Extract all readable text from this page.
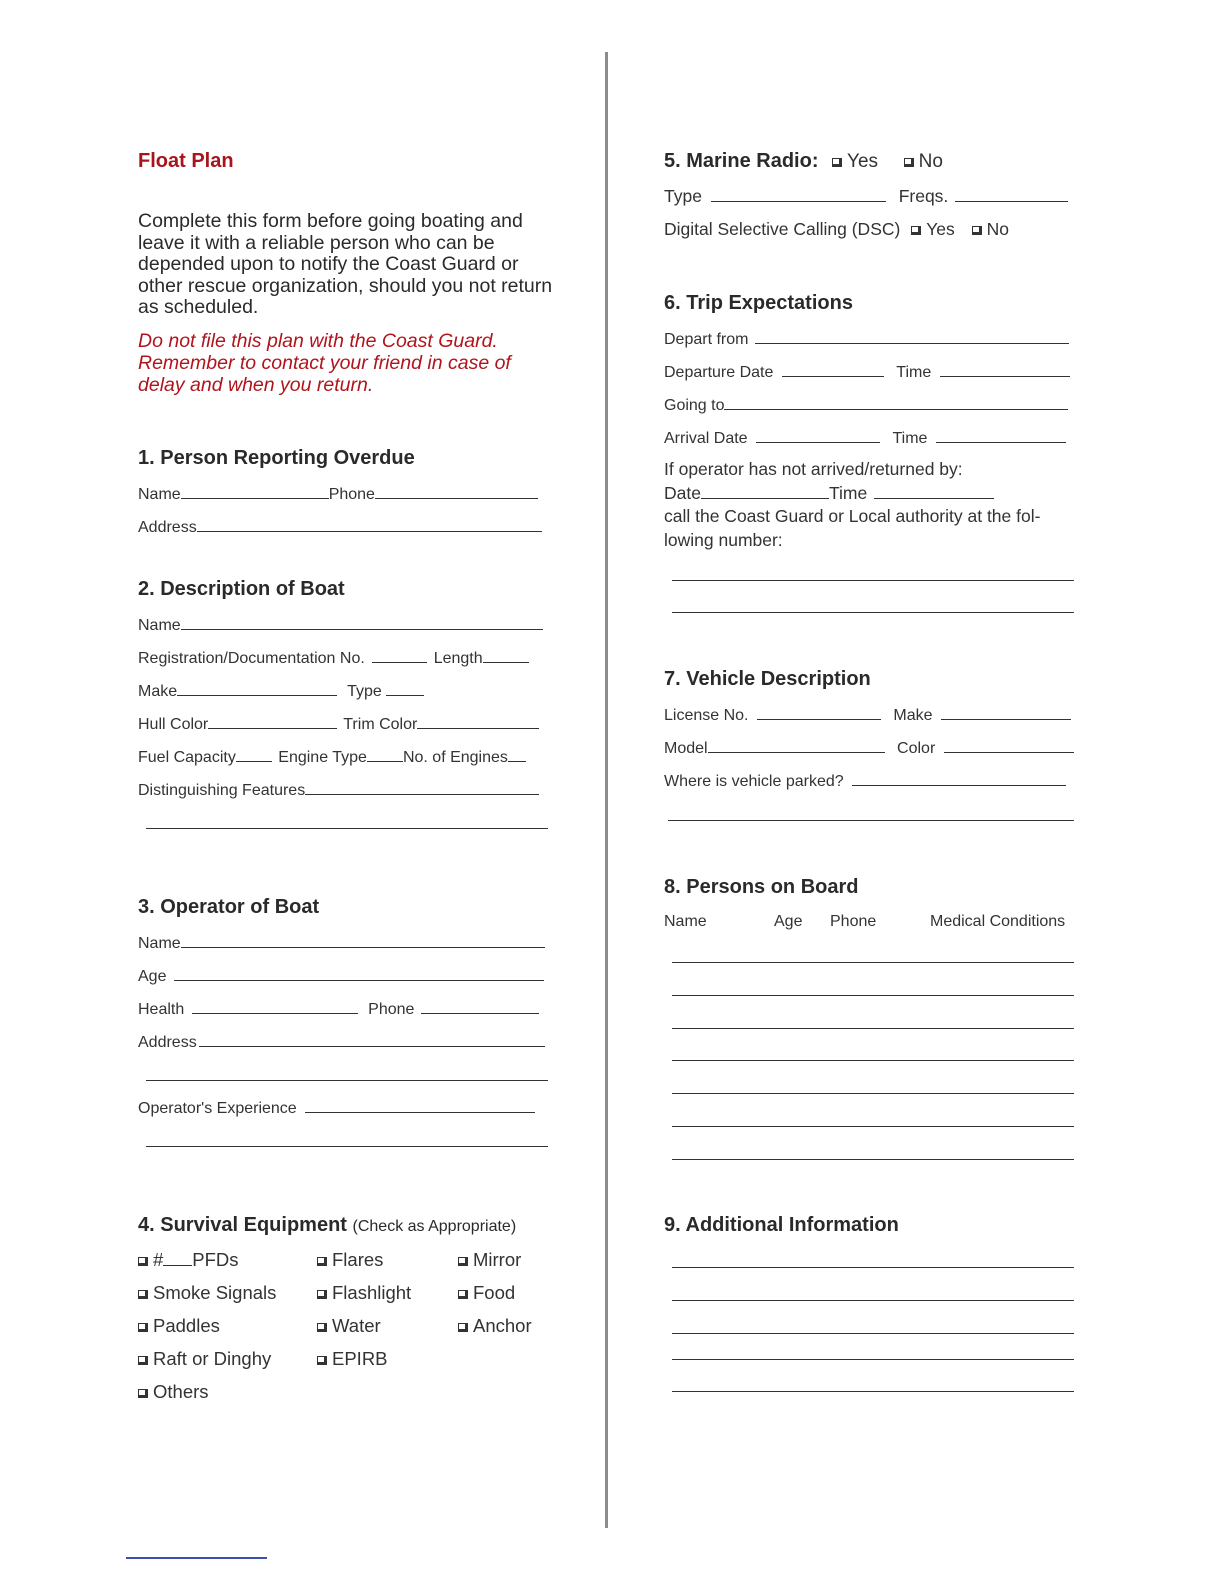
Float Plan
Complete this form before going boating and leave it with a reliable person who can be depended upon to notify the Coast Guard or other rescue organization, should you not return as scheduled.
Do not file this plan with the Coast Guard. Remember to contact your friend in case of delay and when you return.
1. Person Reporting Overdue
Name	Phone
Address
2. Description of Boat
Name
Registration/Documentation No.	Length
Make	Type
Hull Color	Trim Color
Fuel Capacity	Engine Type No. of Engines
Distinguishing Features
3. Operator of Boat
Name
Age
Health	Phone
Address
Operator's Experience
4. Survival Equipment (Check as Appropriate)
# PFDs	Flares	Mirror
Smoke Signals	Flashlight	Food
Paddles	Water	Anchor
Raft or Dinghy	EPIRB
Others
5. Marine Radio: Yes No
Type	Freqs.
Digital Selective Calling (DSC) Yes No
6. Trip Expectations
Depart from
Departure Date	Time
Going to
Arrival Date	Time
If operator has not arrived/returned by:
Date	Time
call the Coast Guard or Local authority at the fol-
lowing number:
7. Vehicle Description
License No.	Make
Model	Color
Where is vehicle parked?
8. Persons on Board
Name	Age Phone	Medical Conditions
9. Additional Information
